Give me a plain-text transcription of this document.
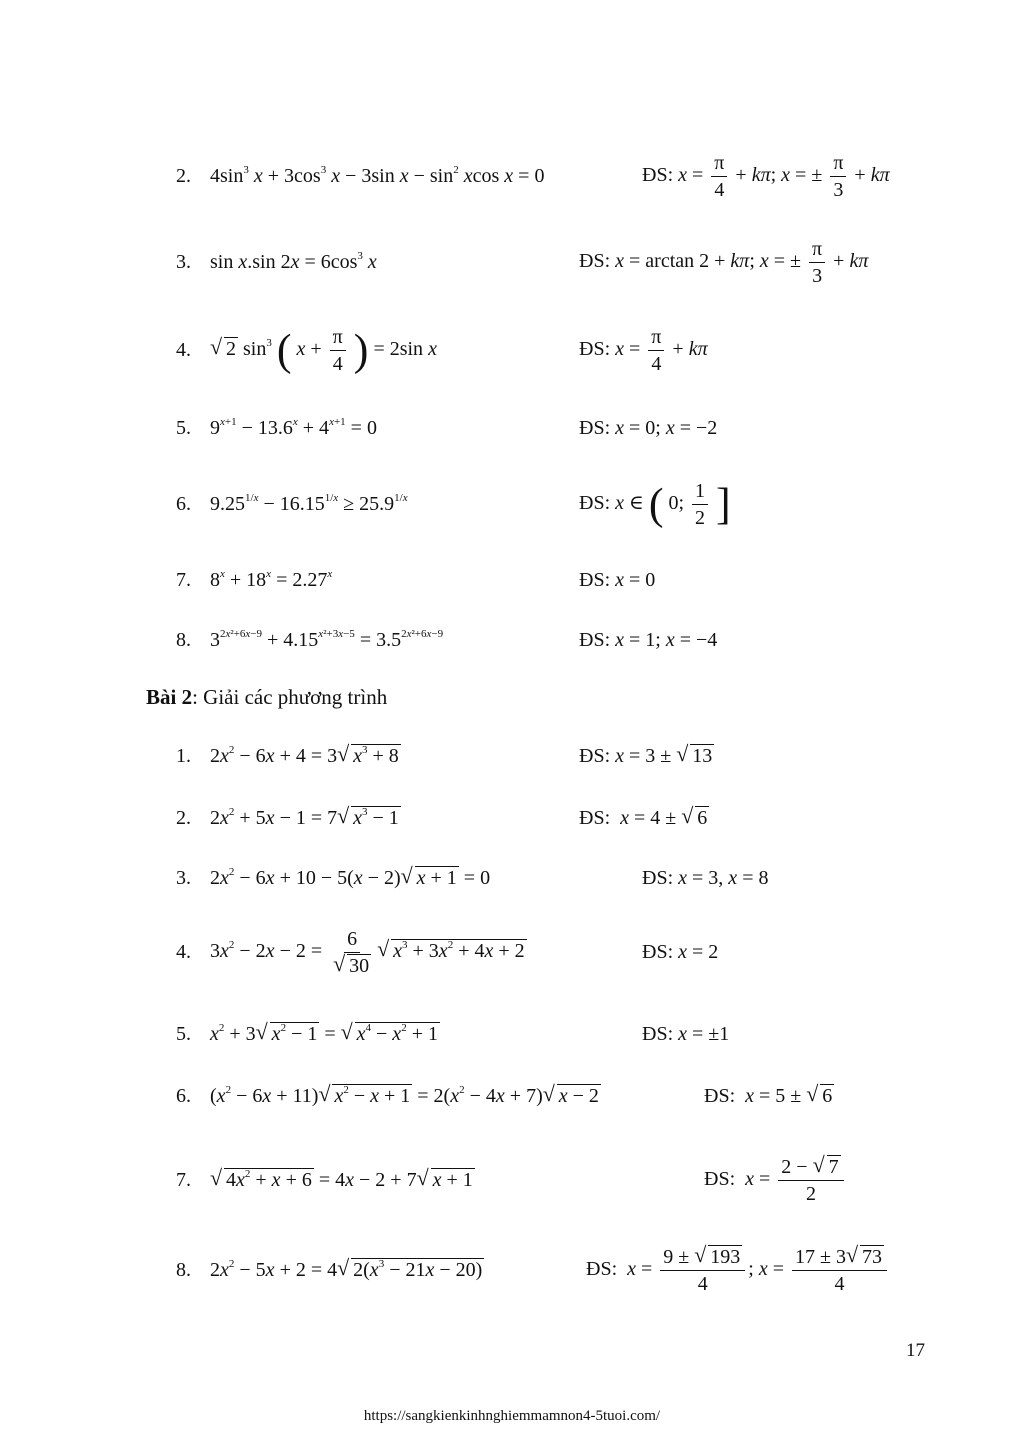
2. $4\sin^3$ $x + 3\cos^3$ x − 3sin $x - \sin^2 xcos$ x = 0	ĐS: $x = \frac{\pi}{4} + k\pi$; x = ± $\frac{\pi}{3} + k\pi$
3. sin x.sin $2x = 6\cos^3$ x	ĐS: x = arctan 2 + kπ; x = ± $\frac{\pi}{3} + k\pi$
4.
√	2 $\sin^3$ ( $x + \frac{\pi}{4}$ ) = 2sin x	ĐS: $x = \frac{\pi}{4} + k\pi$
5. $9^{x+1} - 13.6^x + 4^{x+1} = 0$	ĐS: x = 0; x = −2
6. $9.25^{1/x} - 16.15^{1/x} \ge 25.9^{1/x}$	ĐS: x ∈ ( 0; $\frac{1}{2}$ ]
7. $8^x + 18^x = 2.27^x$	ĐS: x = 0
8. $3^{2x^2+6x-9} + 4.15^{x^2+3x-5} = 3.5^{2x^2+6x-9}$	ĐS: x = 1; x = −4
Bài 2: Giải các phương trình
1. $2x^2 - 6x + 4 = 3√$ $x^3 + 8$	ĐS: x = 3 ± √ 13
2. $2x^2 + 5x - 1 = 7√$ $x^3 - 1$	ĐS: x = 4 ± √ 6
3. $2x^2 - 6x + 10 - 5(x - 2)√$ x + 1 = 0	ĐS: x = 3, x = 8
4. $3x^2 - 2x - 2 = 6$
√ 30
√ $x^3 + 3x^2 + 4x + 2$	ĐS: x = 2
5. $x^2 + 3√$ $x^2 - 1$ = √ $x^4 - x^2 + 1$	ĐS: x = ±1
6. $(x^2 - 6x + 11)√$ $x^2 - x + 1 = 2(x^2 - 4x + 7)√$ x − 2	ĐS: x = 5 ± √ 6
7.
√	$4x^2 + x + 6 = 4x - 2 + 7√$ x + 1	ĐS: $x = \frac{2 - √ 7}{2}$
8. $2x^2 - 5x + 2 = 4√$ $2(x^3 - 21x - 20)$	ĐS: $x = \frac{9 \pm √ 193}{4}$ ; $x = \frac{17 \pm 3√ 73}{4}$
17
https://sangkienkinhnghiemmamnon4-5tuoi.com/
